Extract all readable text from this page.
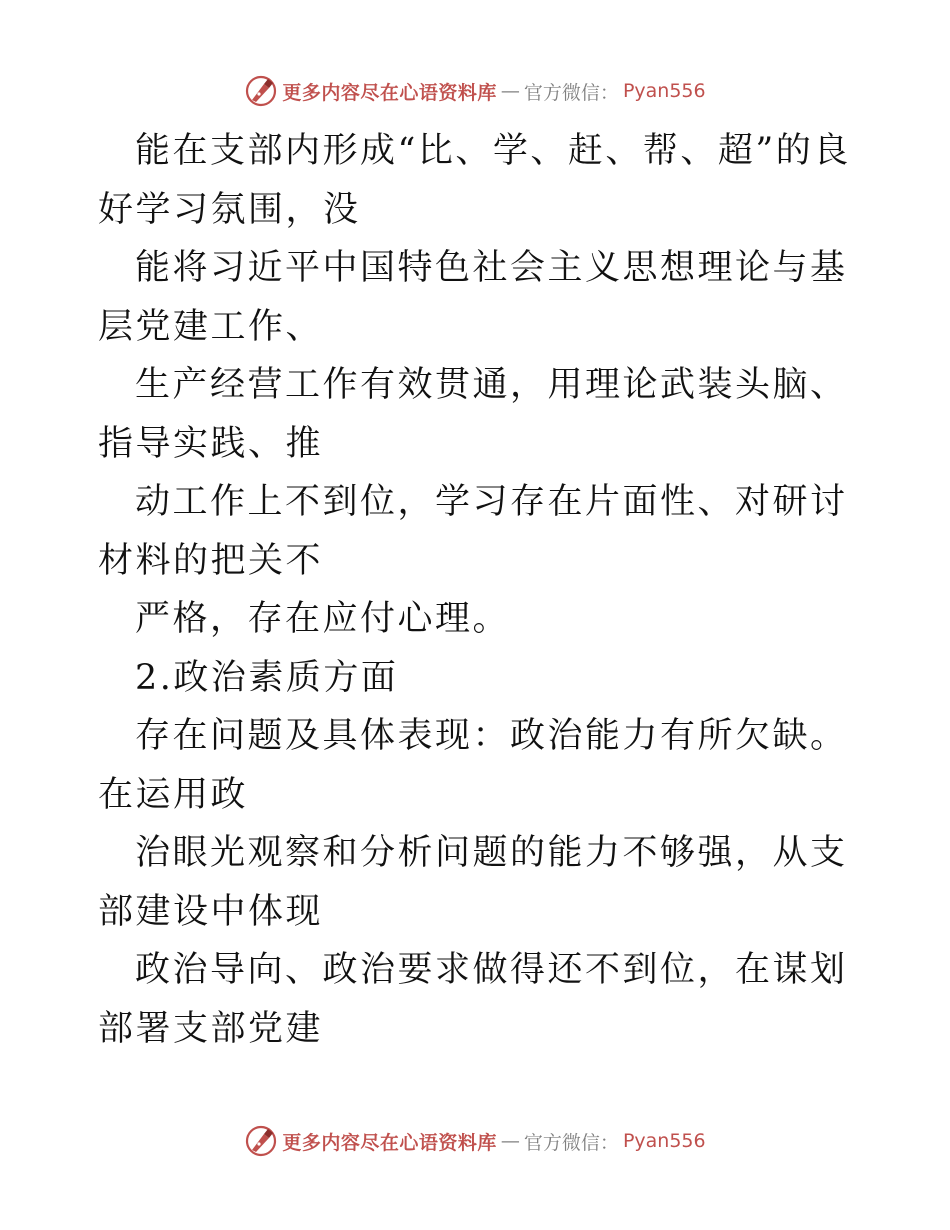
更多内容尽在心语资料库 — 官方微信： Pyan556

能在支部内形成“比、学、赶、帮、超”的良好学习氛围，没

能将习近平中国特色社会主义思想理论与基层党建工作、

生产经营工作有效贯通，用理论武装头脑、指导实践、推

动工作上不到位，学习存在片面性、对研讨材料的把关不

严格，存在应付心理。

2.政治素质方面

存在问题及具体表现：政治能力有所欠缺。在运用政

治眼光观察和分析问题的能力不够强，从支部建设中体现

政治导向、政治要求做得还不到位，在谋划部署支部党建

更多内容尽在心语资料库 — 官方微信： Pyan556
